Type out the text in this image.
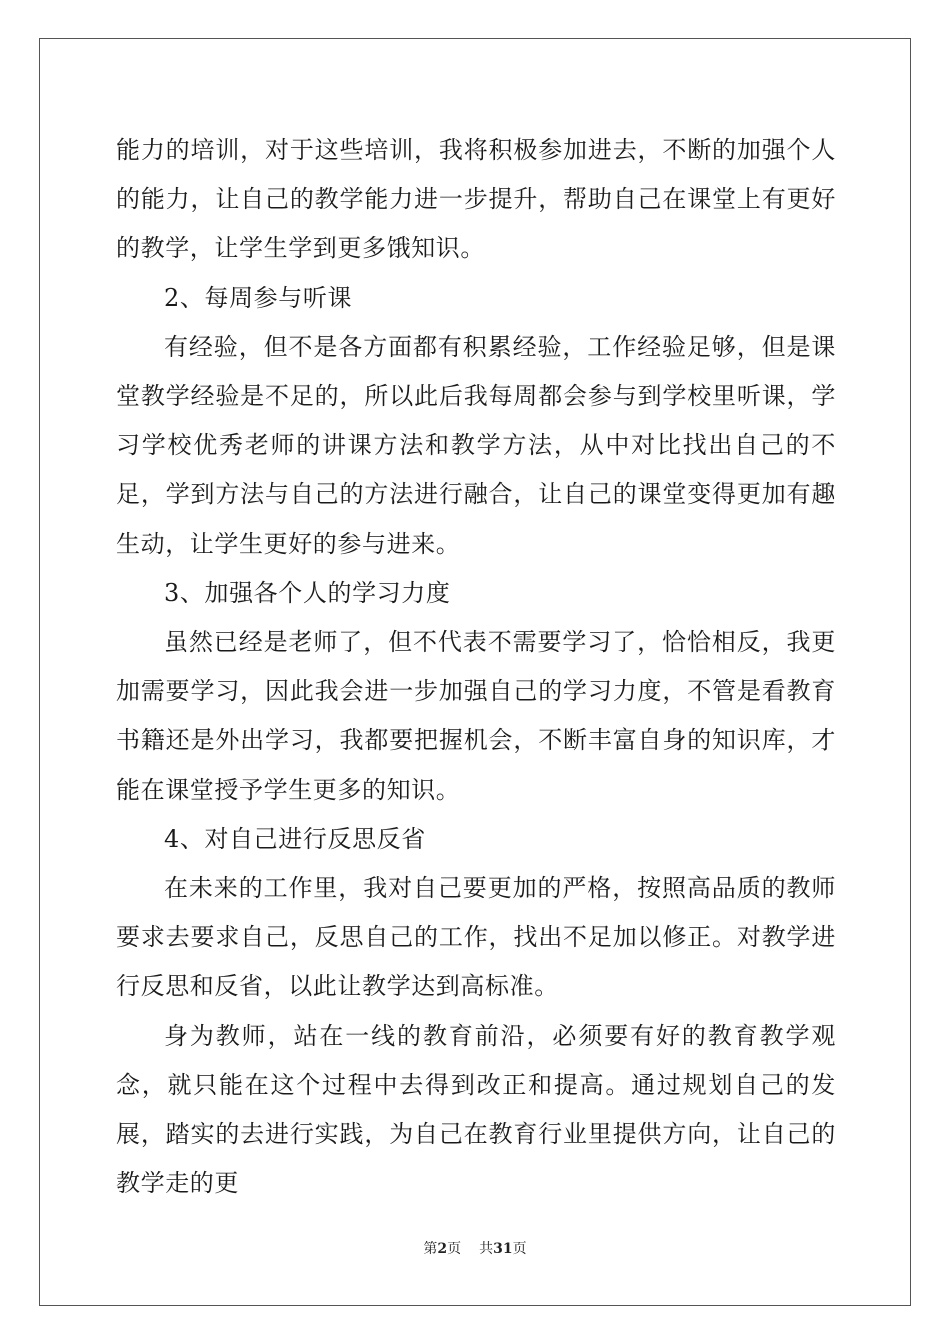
能力的培训，对于这些培训，我将积极参加进去，不断的加强个人的能力，让自己的教学能力进一步提升，帮助自己在课堂上有更好的教学，让学生学到更多饿知识。

2、每周参与听课

有经验，但不是各方面都有积累经验，工作经验足够，但是课堂教学经验是不足的，所以此后我每周都会参与到学校里听课，学习学校优秀老师的讲课方法和教学方法，从中对比找出自己的不足，学到方法与自己的方法进行融合，让自己的课堂变得更加有趣生动，让学生更好的参与进来。

3、加强各个人的学习力度

虽然已经是老师了，但不代表不需要学习了，恰恰相反，我更加需要学习，因此我会进一步加强自己的学习力度，不管是看教育书籍还是外出学习，我都要把握机会，不断丰富自身的知识库，才能在课堂授予学生更多的知识。

4、对自己进行反思反省

在未来的工作里，我对自己要更加的严格，按照高品质的教师要求去要求自己，反思自己的工作，找出不足加以修正。对教学进行反思和反省，以此让教学达到高标准。

身为教师，站在一线的教育前沿，必须要有好的教育教学观念，就只能在这个过程中去得到改正和提高。通过规划自己的发展，踏实的去进行实践，为自己在教育行业里提供方向，让自己的教学走的更

第2页 共31页
